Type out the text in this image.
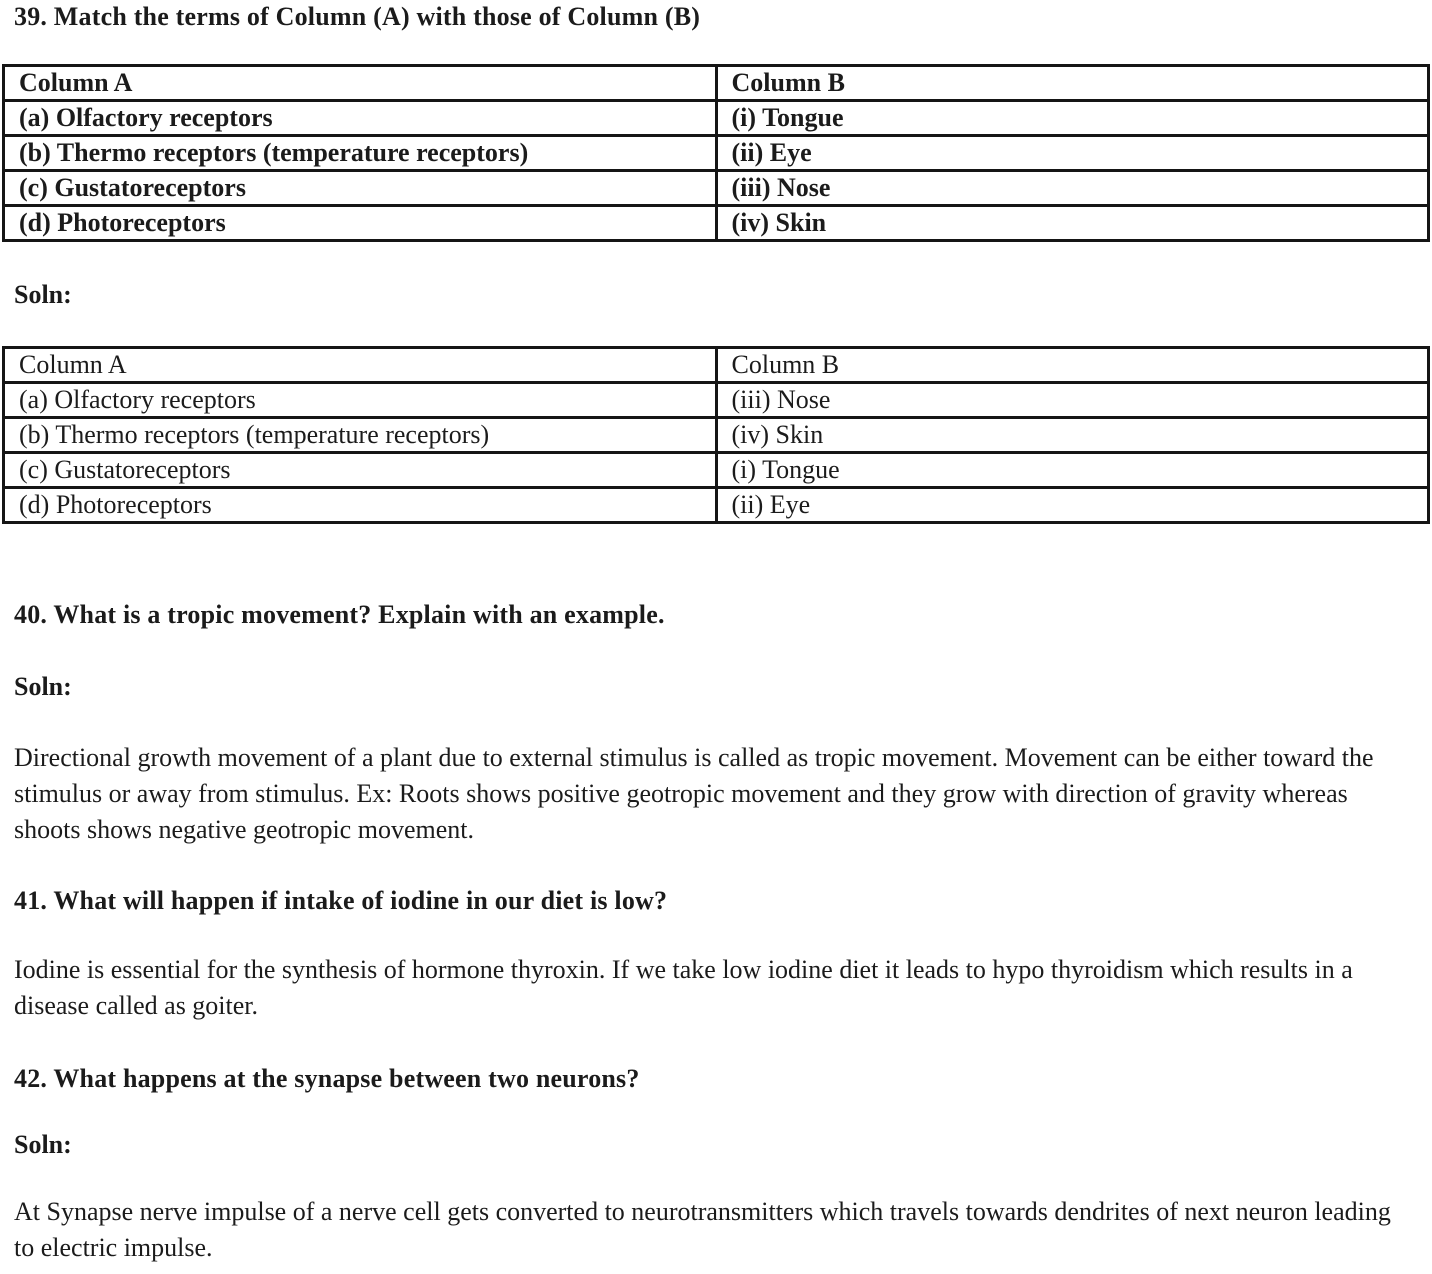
39. Match the terms of Column (A) with those of Column (B)
Column A	Column B
(a) Olfactory receptors	(i) Tongue
(b) Thermo receptors (temperature receptors)	(ii) Eye
(c) Gustatoreceptors	(iii) Nose
(d) Photoreceptors	(iv) Skin

Soln:

Column A	Column B
(a) Olfactory receptors	(iii) Nose
(b) Thermo receptors (temperature receptors)	(iv) Skin
(c) Gustatoreceptors	(i) Tongue
(d) Photoreceptors	(ii) Eye
40. What is a tropic movement? Explain with an example.

Soln:

Directional growth movement of a plant due to external stimulus is called as tropic movement. Movement can be either toward the stimulus or away from stimulus. Ex: Roots shows positive geotropic movement and they grow with direction of gravity whereas shoots shows negative geotropic movement.

41. What will happen if intake of iodine in our diet is low?

Iodine is essential for the synthesis of hormone thyroxin. If we take low iodine diet it leads to hypo thyroidism which results in a disease called as goiter.

42. What happens at the synapse between two neurons?

Soln:

At Synapse nerve impulse of a nerve cell gets converted to neurotransmitters which travels towards dendrites of next neuron leading to electric impulse.
